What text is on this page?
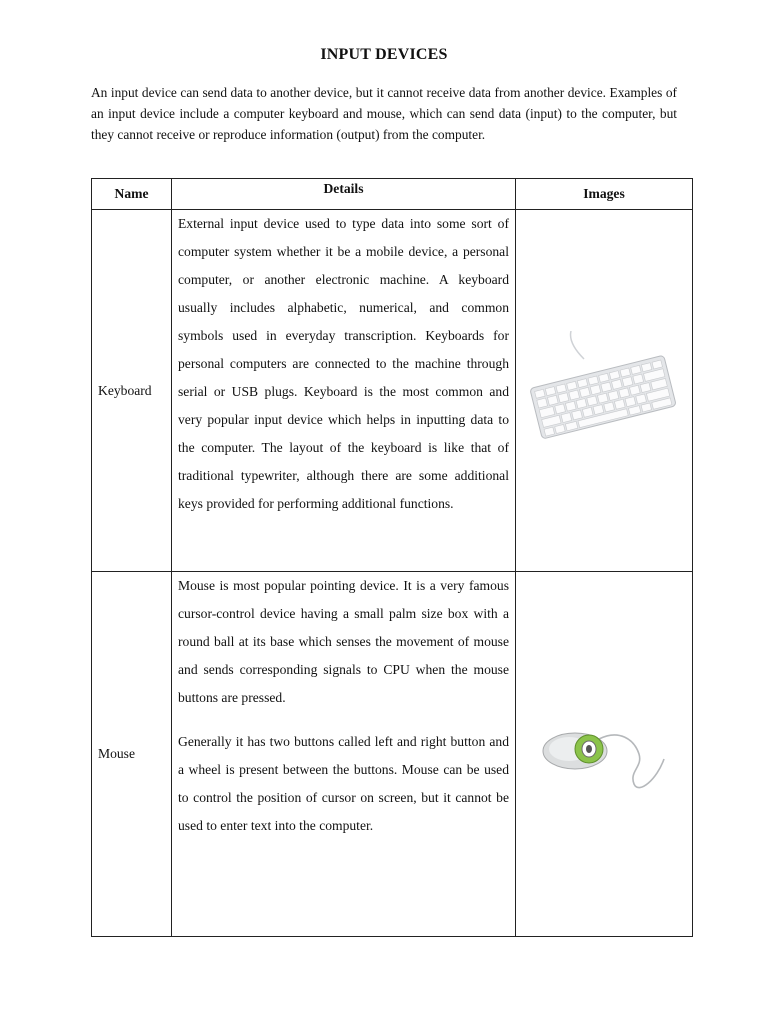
INPUT DEVICES
An input device can send data to another device, but it cannot receive data from another device. Examples of an input device include a computer keyboard and mouse, which can send data (input) to the computer, but they cannot receive or reproduce information (output) from the computer.
Name	Details	Images
Keyboard	External input device used to type data into some sort of computer system whether it be a mobile device, a personal computer, or another electronic machine. A keyboard usually includes alphabetic, numerical, and common symbols used in everyday transcription. Keyboards for personal computers are connected to the machine through serial or USB plugs. Keyboard is the most common and very popular input device which helps in inputting data to the computer. The layout of the keyboard is like that of traditional typewriter, although there are some additional keys provided for performing additional functions.

Mouse	Mouse is most popular pointing device. It is a very famous cursor-control device having a small palm size box with a round ball at its base which senses the movement of mouse and sends corresponding signals to CPU when the mouse buttons are pressed.

Generally it has two buttons called left and right button and a wheel is present between the buttons. Mouse can be used to control the position of cursor on screen, but it cannot be used to enter text into the computer.
